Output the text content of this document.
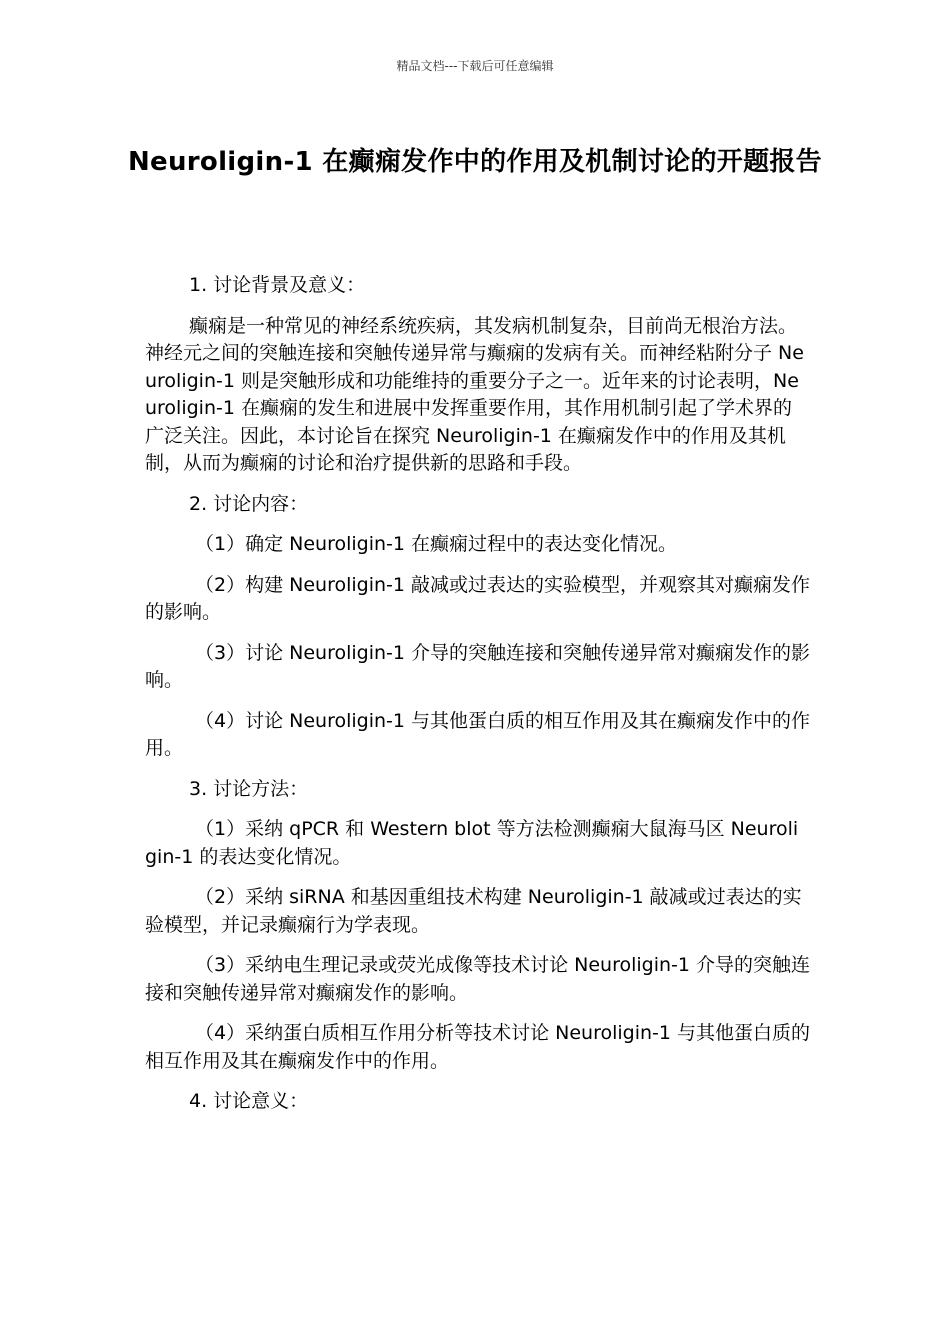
精品文档---下载后可任意编辑
Neuroligin-1 在癫痫发作中的作用及机制讨论的开题报告

1. 讨论背景及意义：

癫痫是一种常见的神经系统疾病，其发病机制复杂，目前尚无根治方法。神经元之间的突触连接和突触传递异常与癫痫的发病有关。而神经粘附分子 Neuroligin-1 则是突触形成和功能维持的重要分子之一。近年来的讨论表明，Neuroligin-1 在癫痫的发生和进展中发挥重要作用，其作用机制引起了学术界的广泛关注。因此，本讨论旨在探究 Neuroligin-1 在癫痫发作中的作用及其机制，从而为癫痫的讨论和治疗提供新的思路和手段。

2. 讨论内容：

（1）确定 Neuroligin-1 在癫痫过程中的表达变化情况。

（2）构建 Neuroligin-1 敲减或过表达的实验模型，并观察其对癫痫发作的影响。

（3）讨论 Neuroligin-1 介导的突触连接和突触传递异常对癫痫发作的影响。

（4）讨论 Neuroligin-1 与其他蛋白质的相互作用及其在癫痫发作中的作用。

3. 讨论方法：

（1）采纳 qPCR 和 Western blot 等方法检测癫痫大鼠海马区 Neuroligin-1 的表达变化情况。

（2）采纳 siRNA 和基因重组技术构建 Neuroligin-1 敲减或过表达的实验模型，并记录癫痫行为学表现。

（3）采纳电生理记录或荧光成像等技术讨论 Neuroligin-1 介导的突触连接和突触传递异常对癫痫发作的影响。

（4）采纳蛋白质相互作用分析等技术讨论 Neuroligin-1 与其他蛋白质的相互作用及其在癫痫发作中的作用。

4. 讨论意义：
